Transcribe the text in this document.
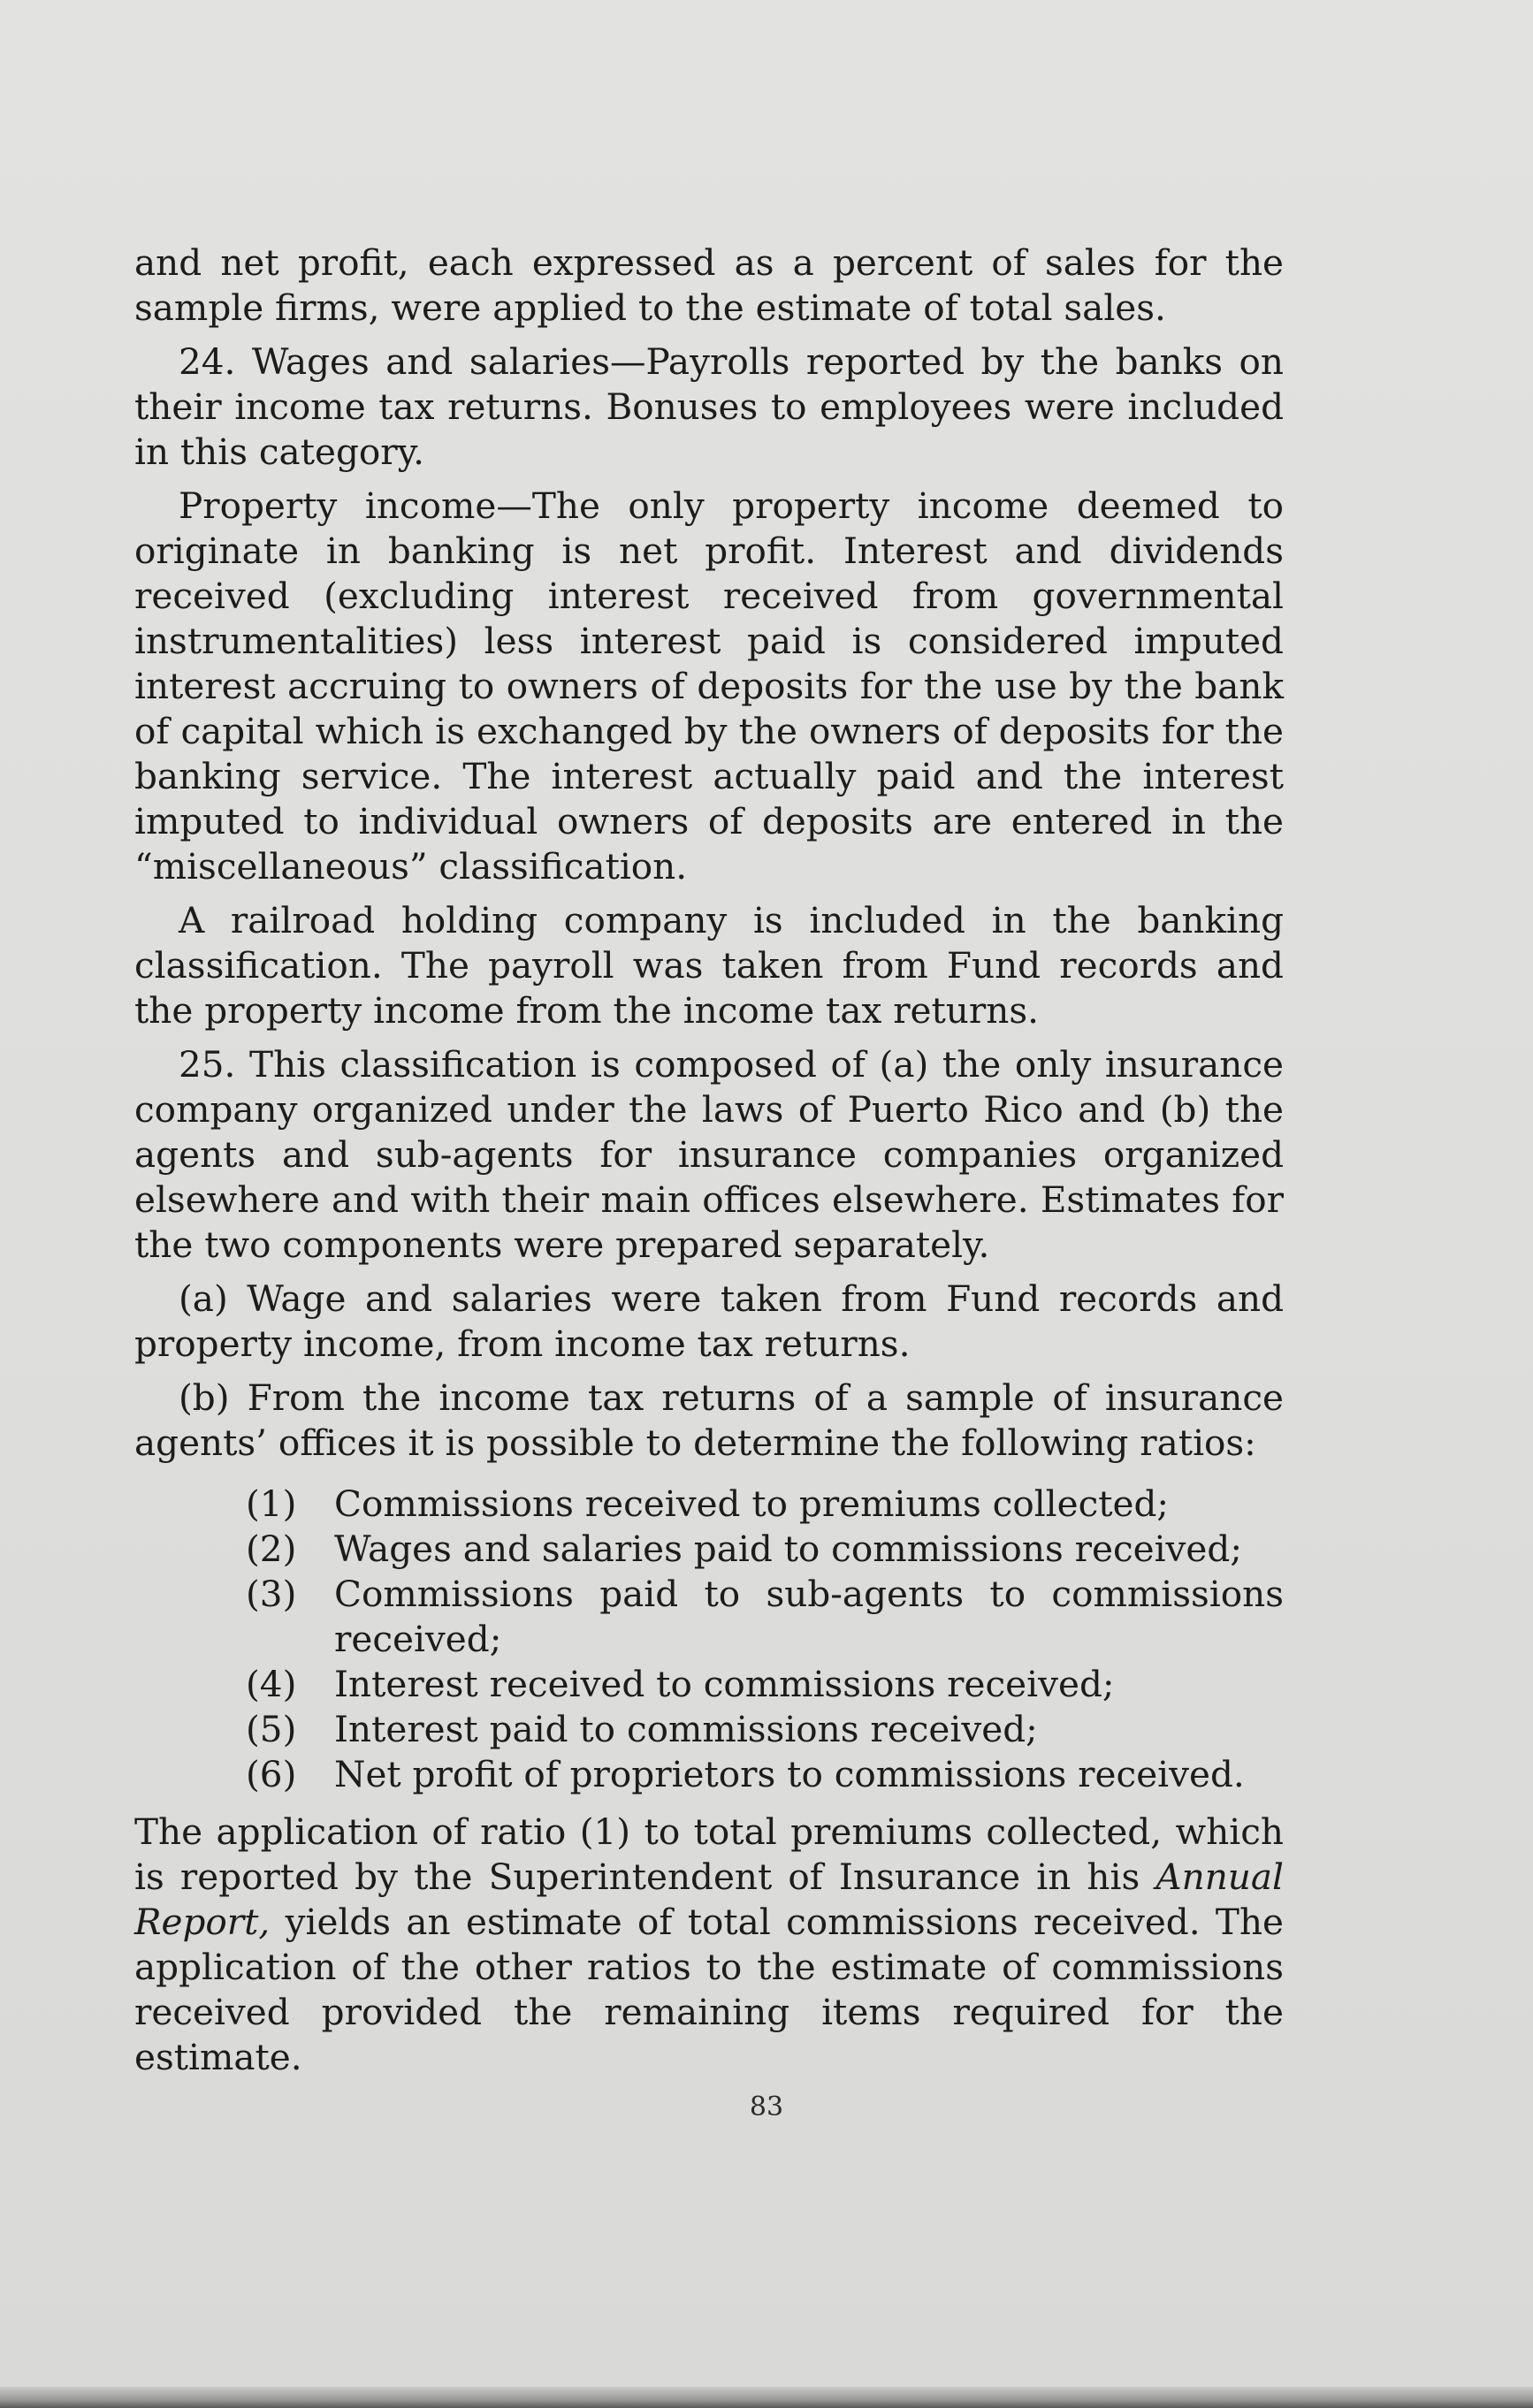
and net profit, each expressed as a percent of sales for the sample firms, were applied to the estimate of total sales.

24. Wages and salaries—Payrolls reported by the banks on their income tax returns. Bonuses to employees were included in this category.

Property income—The only property income deemed to originate in banking is net profit. Interest and dividends received (excluding interest received from governmental instrumentalities) less interest paid is considered imputed interest accruing to owners of deposits for the use by the bank of capital which is exchanged by the owners of deposits for the banking service. The interest actually paid and the interest imputed to individual owners of deposits are entered in the “miscellaneous” classification.

A railroad holding company is included in the banking classification. The payroll was taken from Fund records and the property income from the income tax returns.

25. This classification is composed of (a) the only insurance company organized under the laws of Puerto Rico and (b) the agents and sub-agents for insurance companies organized elsewhere and with their main offices elsewhere. Estimates for the two components were prepared separately.

(a) Wage and salaries were taken from Fund records and property income, from income tax returns.

(b) From the income tax returns of a sample of insurance agents’ offices it is possible to determine the following ratios:

(1) Commissions received to premiums collected;
(2) Wages and salaries paid to commissions received;
(3) Commissions paid to sub-agents to commissions received;
(4) Interest received to commissions received;
(5) Interest paid to commissions received;
(6) Net profit of proprietors to commissions received.

The application of ratio (1) to total premiums collected, which is reported by the Superintendent of Insurance in his Annual Report, yields an estimate of total commissions received. The application of the other ratios to the estimate of commissions received provided the remaining items required for the estimate.

83
